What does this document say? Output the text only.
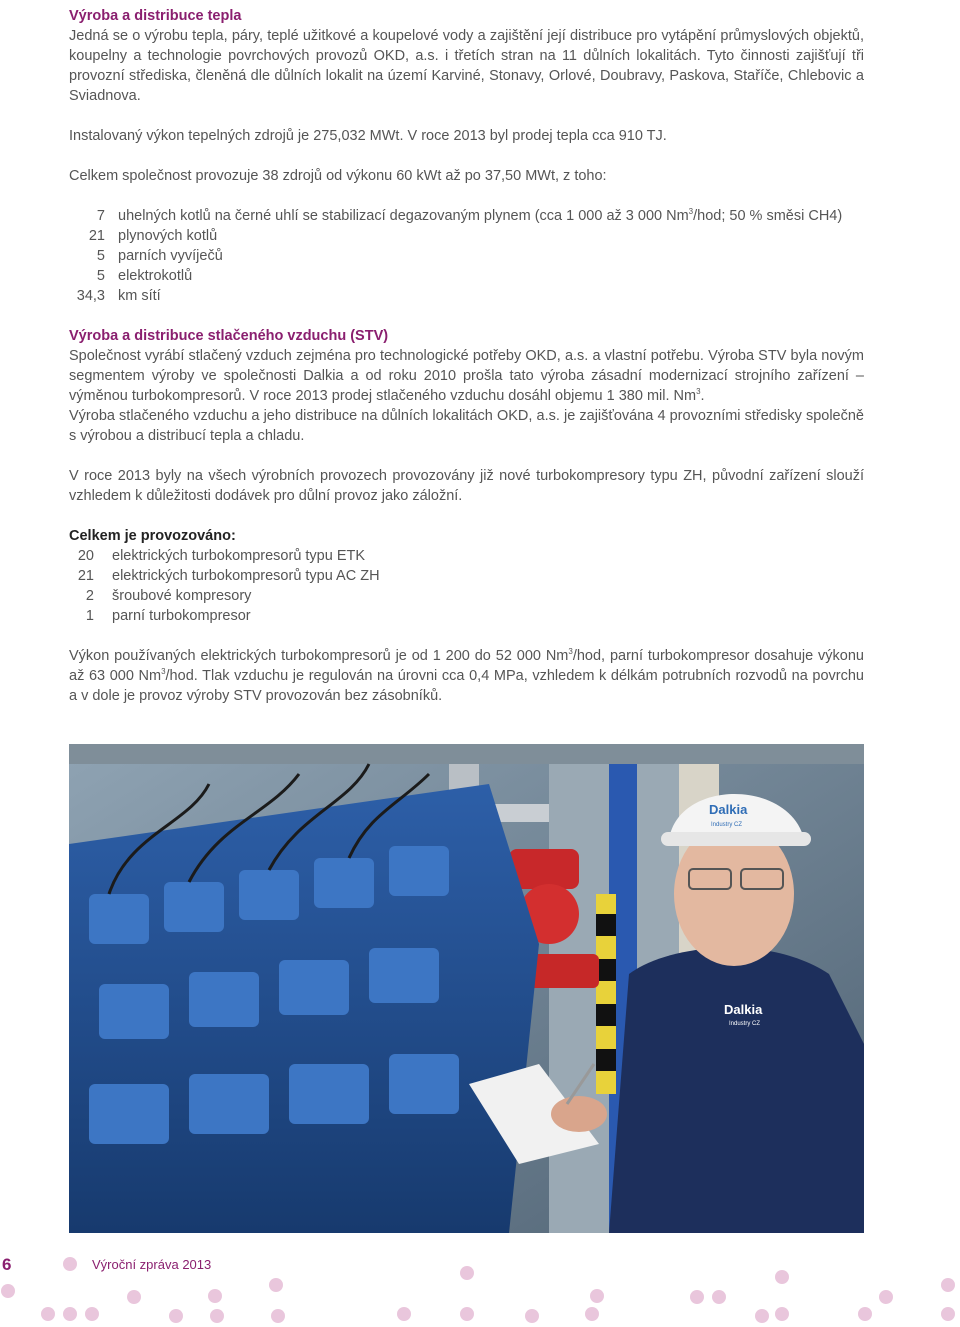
Výroba a distribuce tepla

Jedná se o výrobu tepla, páry, teplé užitkové a koupelové vody a zajištění její distribuce pro vytápění průmyslových objektů, koupelny a technologie povrchových provozů OKD, a.s. i třetích stran na 11 důlních lokalitách. Tyto činnosti zajišťují tři provozní střediska, členěná dle důlních lokalit na území Karviné, Stonavy, Orlové, Doubravy, Paskova, Staříče, Chlebovic a Sviadnova.

Instalovaný výkon tepelných zdrojů je 275,032 MWt. V roce 2013 byl prodej tepla cca 910 TJ.

Celkem společnost provozuje 38 zdrojů od výkonu 60 kWt až po 37,50 MWt, z toho:

7 uhelných kotlů na černé uhlí se stabilizací degazovaným plynem (cca 1 000 až 3 000 Nm$^3$/hod; 50 % směsi CH4)
21 plynových kotlů
5 parních vyvíječů
5 elektrokotlů
34,3 km sítí
Výroba a distribuce stlačeného vzduchu (STV)

Společnost vyrábí stlačený vzduch zejména pro technologické potřeby OKD, a.s. a vlastní potřebu. Výroba STV byla novým segmentem výroby ve společnosti Dalkia a od roku 2010 prošla tato výroba zásadní modernizací strojního zařízení – výměnou turbokompresorů. V roce 2013 prodej stlačeného vzduchu dosáhl objemu 1 380 mil. Nm$^3$.

Výroba stlačeného vzduchu a jeho distribuce na důlních lokalitách OKD, a.s. je zajišťována 4 provozními středisky společně s výrobou a distribucí tepla a chladu.

V roce 2013 byly na všech výrobních provozech provozovány již nové turbokompresory typu ZH, původní zařízení slouží vzhledem k důležitosti dodávek pro důlní provoz jako záložní.

Celkem je provozováno:
20	elektrických turbokompresorů typu ETK
21	elektrických turbokompresorů typu AC ZH
2	šroubové kompresory
1	parní turbokompresor

Výkon používaných elektrických turbokompresorů je od 1 200 do 52 000 Nm$^3$/hod, parní turbokompresor dosahuje výkonu až 63 000 Nm$^3$/hod. Tlak vzduchu je regulován na úrovni cca 0,4 MPa, vzhledem k délkám potrubních rozvodů na povrchu a v dole je provoz výroby STV provozován bez zásobníků.

Dalkia
Industry CZ
Dalkia
Industry CZ
6	Výroční zpráva 2013
